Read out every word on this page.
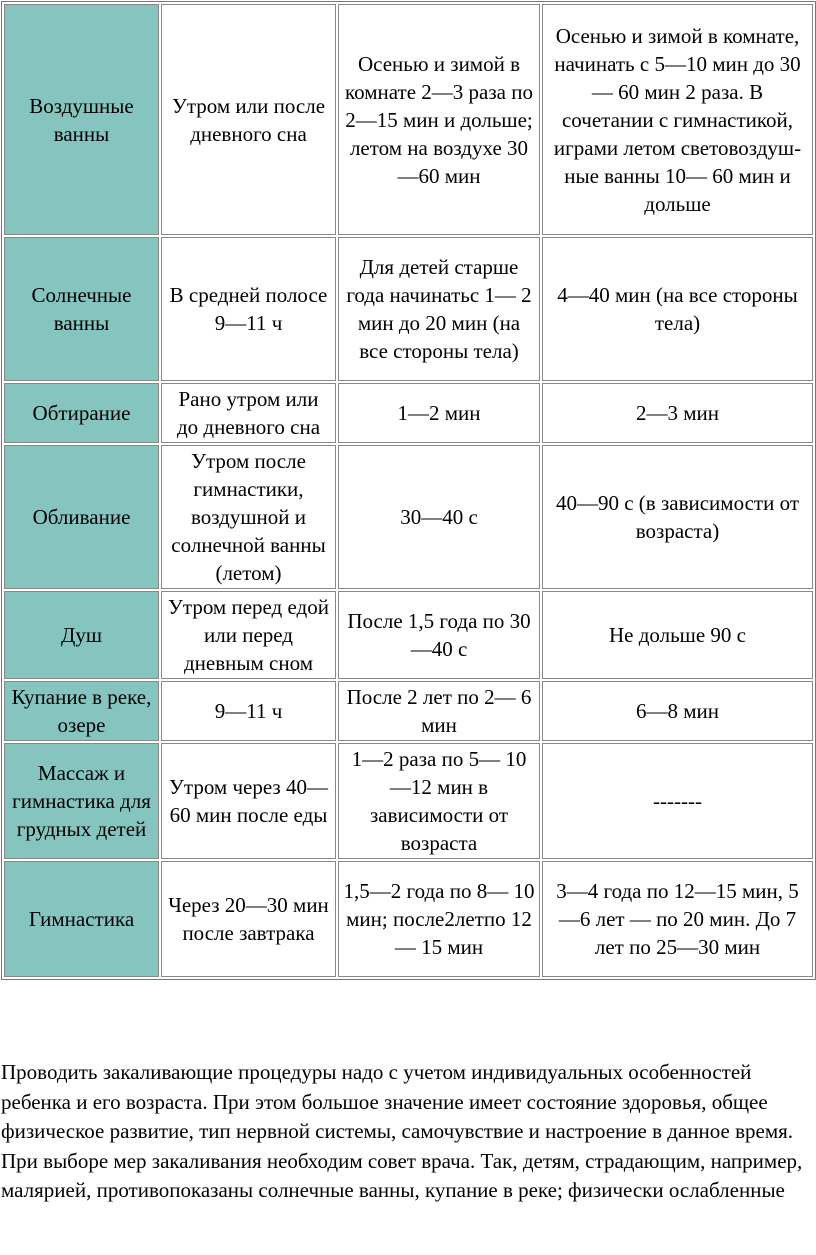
Воздушные ванны	Утром или после дневного сна	Осенью и зимой в комнате 2—3 раза по 2—15 мин и дольше; летом на воздухе 30—60 мин	Осенью и зимой в комнате, начинать с 5—10 мин до 30— 60 мин 2 раза. В сочетании с гимнастикой, играми летом световоздуш-ные ванны 10— 60 мин и дольше
Солнечные ванны	В средней полосе 9—11 ч	Для детей старше года начинатьс 1— 2 мин до 20 мин (на все стороны тела)	4—40 мин (на все стороны тела)
Обтирание	Рано утром или до дневного сна	1—2 мин	2—3 мин
Обливание	Утром после гимнастики, воздушной и солнечной ванны (летом)	30—40 с	40—90 с (в зависимости от возраста)
Душ	Утром перед едой или перед дневным сном	После 1,5 года по 30—40 с	Не дольше 90 с
Купание в реке, озере	9—11 ч	После 2 лет по 2— 6 мин	6—8 мин
Массаж и гимнастика для грудных детей	Утром через 40—60 мин после еды	1—2 раза по 5— 10—12 мин в зависимости от возраста	-------
Гимнастика	Через 20—30 мин после завтрака	1,5—2 года по 8— 10 мин; после2летпо 12— 15 мин	3—4 года по 12—15 мин, 5—6 лет — по 20 мин. До 7 лет по 25—30 мин

Проводить закаливающие процедуры надо с учетом индивидуальных особенностей ребенка и его возраста. При этом большое значение имеет состояние здоровья, общее физическое развитие, тип нервной системы, самочувствие и настроение в данное время. При выборе мер закаливания необходим совет врача. Так, детям, страдающим, например, малярией, противопоказаны солнечные ванны, купание в реке; физически ослабленные
